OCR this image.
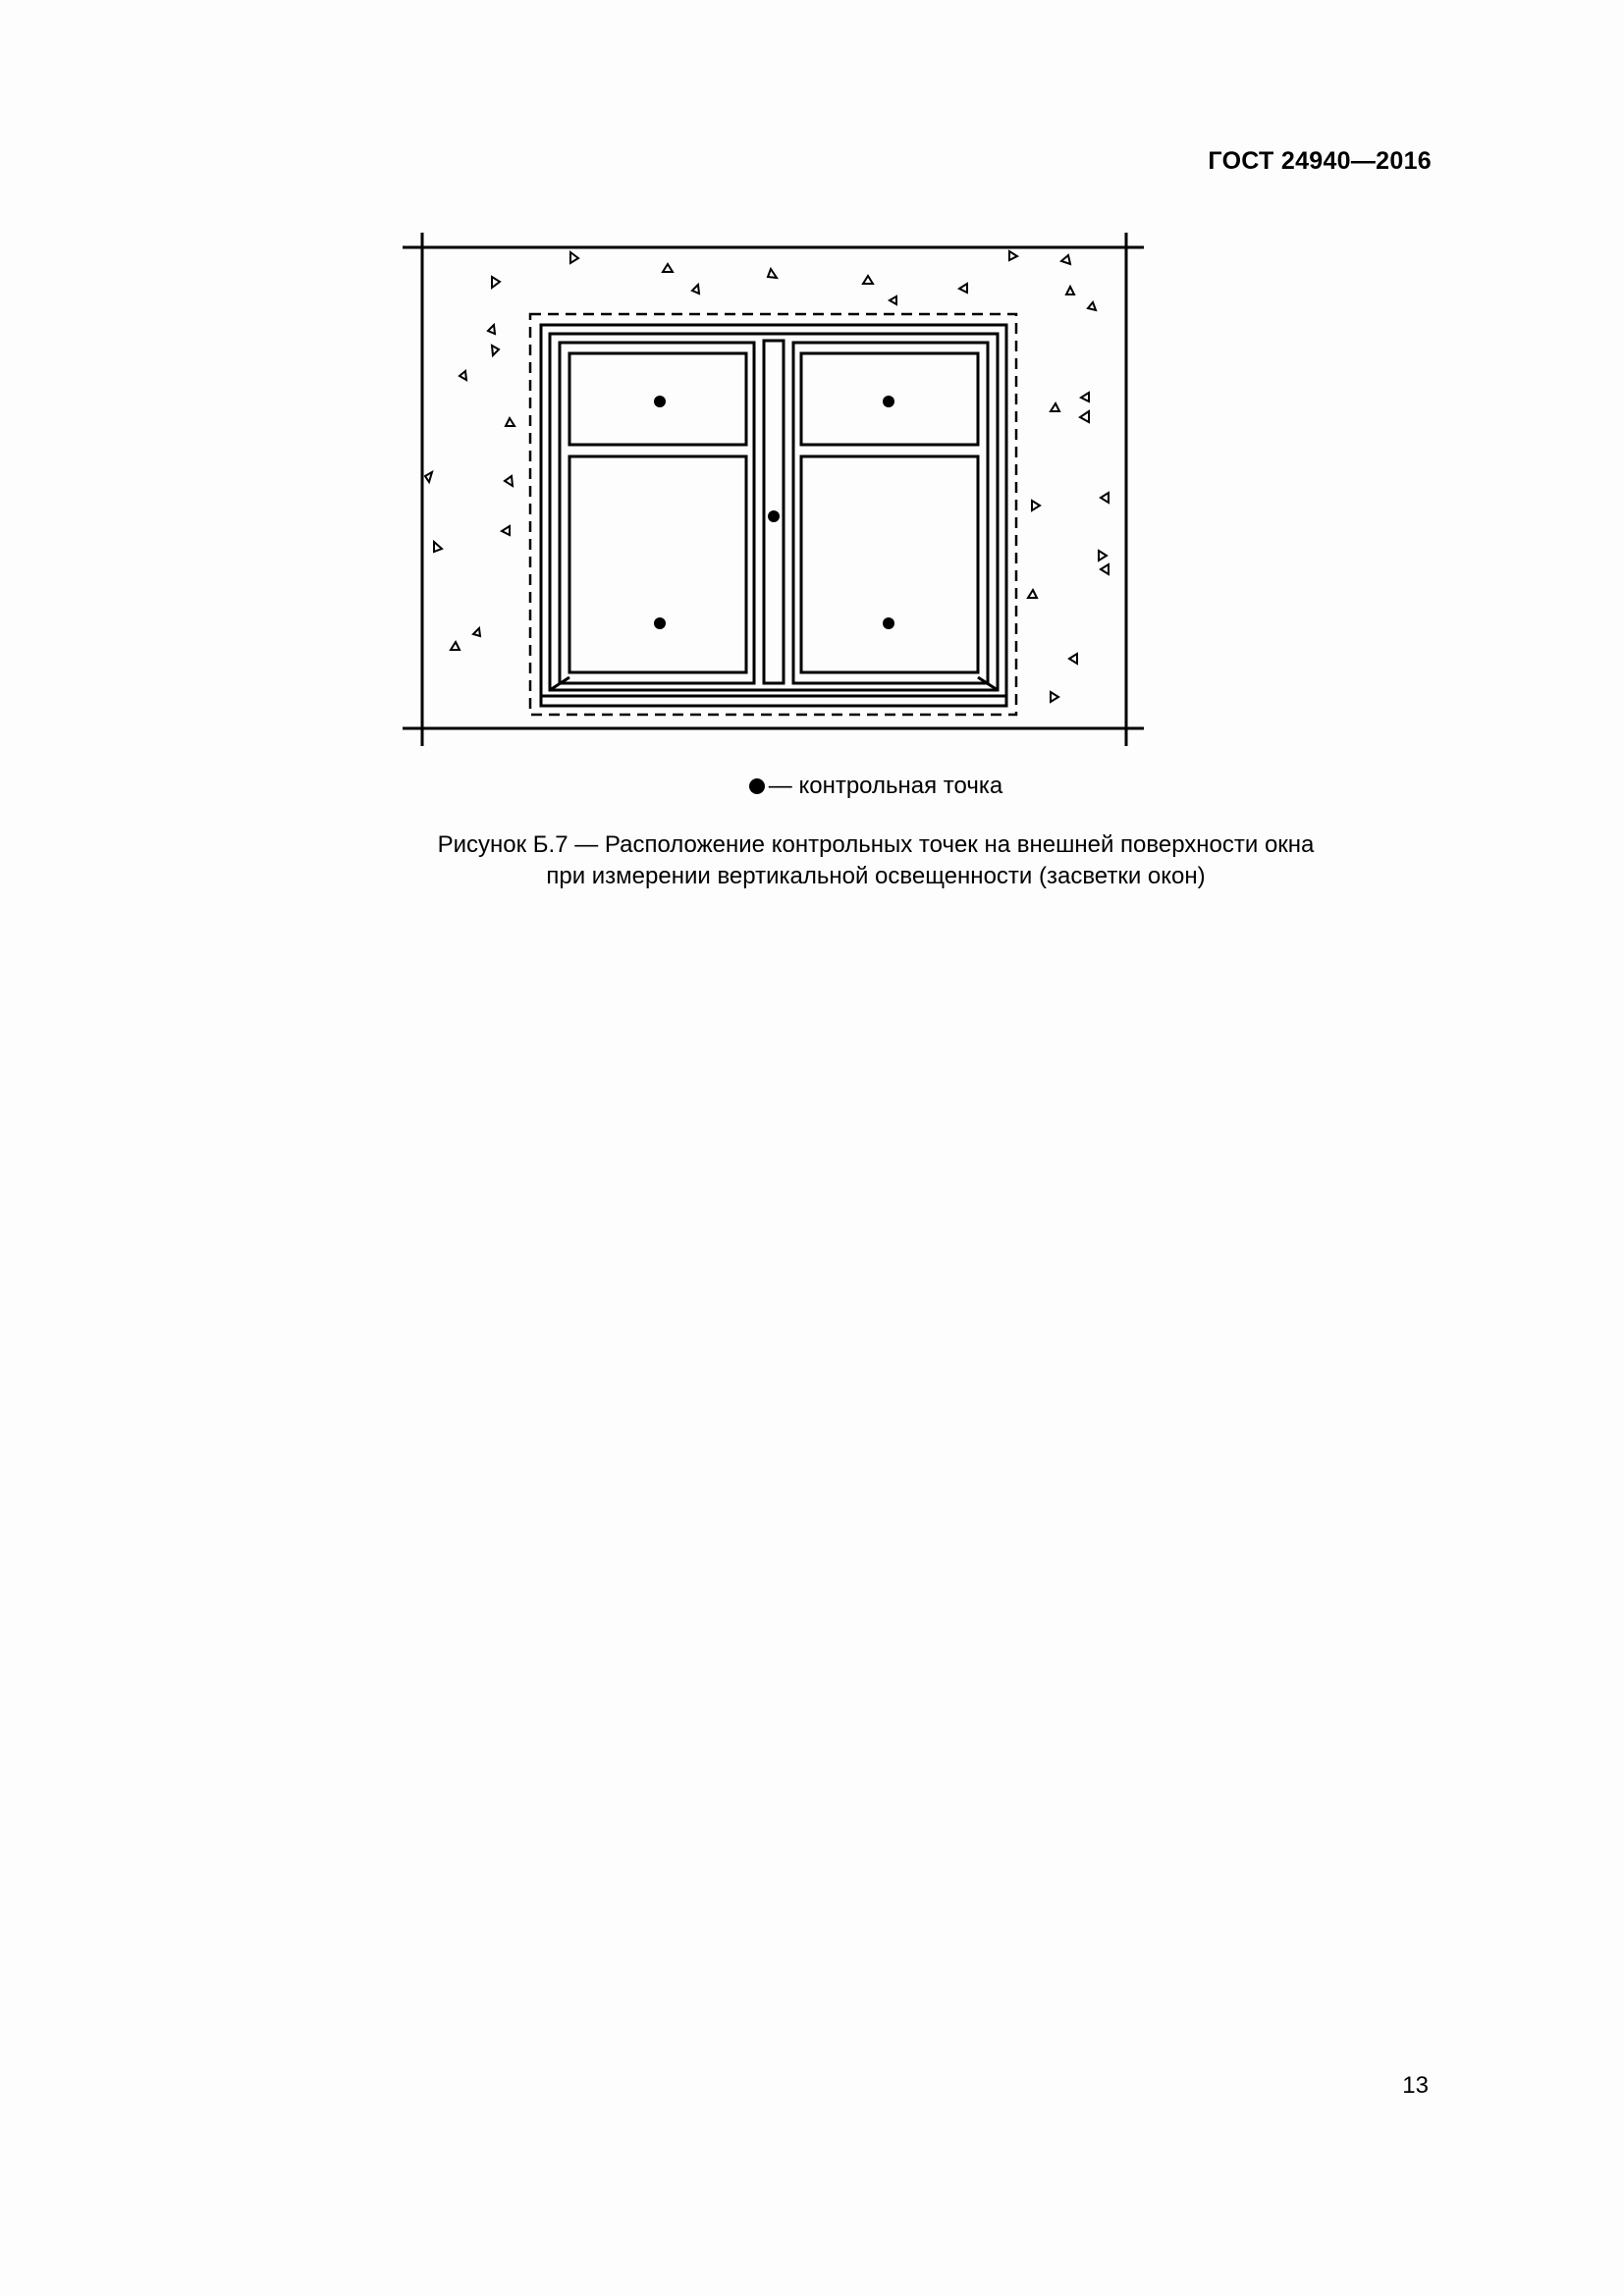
ГОСТ 24940—2016
— контрольная точка
Рисунок Б.7 — Расположение контрольных точек на внешней поверхности окна
при измерении вертикальной освещенности (засветки окон)
13
